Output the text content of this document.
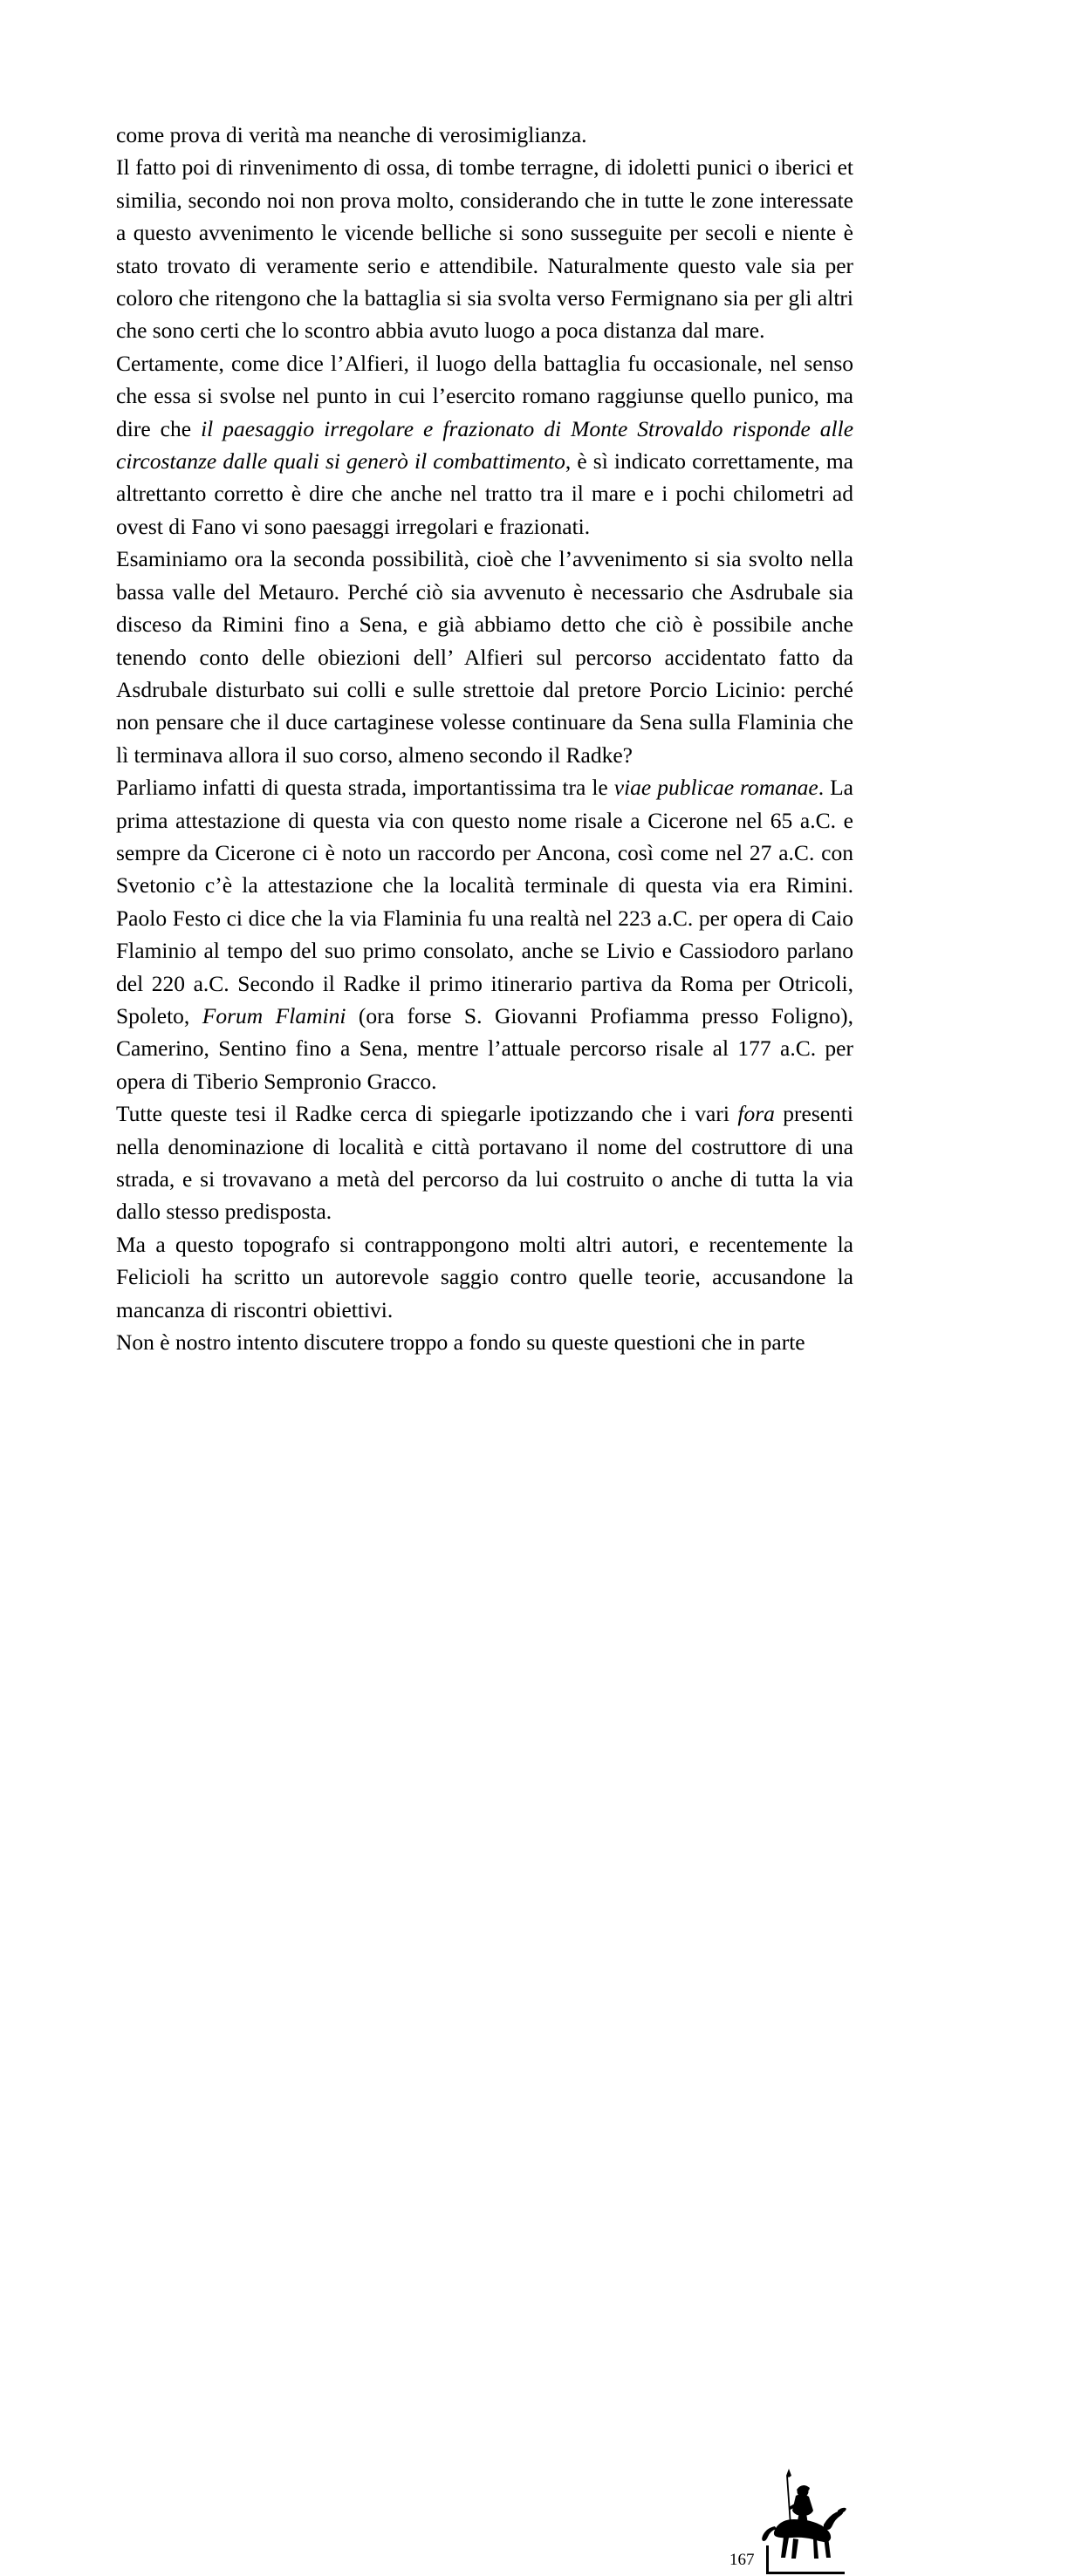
come prova di verità ma neanche di verosimiglianza.

Il fatto poi di rinvenimento di ossa, di tombe terragne, di idoletti punici o iberici et similia, secondo noi non prova molto, considerando che in tutte le zone interessate a questo avvenimento le vicende belliche si sono susseguite per secoli e niente è stato trovato di veramente serio e attendibile. Naturalmente questo vale sia per coloro che ritengono che la battaglia si sia svolta verso Fermignano sia per gli altri che sono certi che lo scontro abbia avuto luogo a poca distanza dal mare.

Certamente, come dice l’Alfieri, il luogo della battaglia fu occasionale, nel senso che essa si svolse nel punto in cui l’esercito romano raggiunse quello punico, ma dire che il paesaggio irregolare e frazionato di Monte Strovaldo risponde alle circostanze dalle quali si generò il combattimento, è sì indicato correttamente, ma altrettanto corretto è dire che anche nel tratto tra il mare e i pochi chilometri ad ovest di Fano vi sono paesaggi irregolari e frazionati.

Esaminiamo ora la seconda possibilità, cioè che l’avvenimento si sia svolto nella bassa valle del Metauro. Perché ciò sia avvenuto è necessario che Asdrubale sia disceso da Rimini fino a Sena, e già abbiamo detto che ciò è possibile anche tenendo conto delle obiezioni dell’ Alfieri sul percorso accidentato fatto da Asdrubale disturbato sui colli e sulle strettoie dal pretore Porcio Licinio: perché non pensare che il duce cartaginese volesse continuare da Sena sulla Flaminia che lì terminava allora il suo corso, almeno secondo il Radke?

Parliamo infatti di questa strada, importantissima tra le viae publicae romanae. La prima attestazione di questa via con questo nome risale a Cicerone nel 65 a.C. e sempre da Cicerone ci è noto un raccordo per Ancona, così come nel 27 a.C. con Svetonio c’è la attestazione che la località terminale di questa via era Rimini. Paolo Festo ci dice che la via Flaminia fu una realtà nel 223 a.C. per opera di Caio Flaminio al tempo del suo primo consolato, anche se Livio e Cassiodoro parlano del 220 a.C. Secondo il Radke il primo itinerario partiva da Roma per Otricoli, Spoleto, Forum Flamini (ora forse S. Giovanni Profiamma presso Foligno), Camerino, Sentino fino a Sena, mentre l’attuale percorso risale al 177 a.C. per opera di Tiberio Sempronio Gracco.

Tutte queste tesi il Radke cerca di spiegarle ipotizzando che i vari fora presenti nella denominazione di località e città portavano il nome del costruttore di una strada, e si trovavano a metà del percorso da lui costruito o anche di tutta la via dallo stesso predisposta.

Ma a questo topografo si contrappongono molti altri autori, e recentemente la Felicioli ha scritto un autorevole saggio contro quelle teorie, accusandone la mancanza di riscontri obiettivi.

Non è nostro intento discutere troppo a fondo su queste questioni che in parte

167
